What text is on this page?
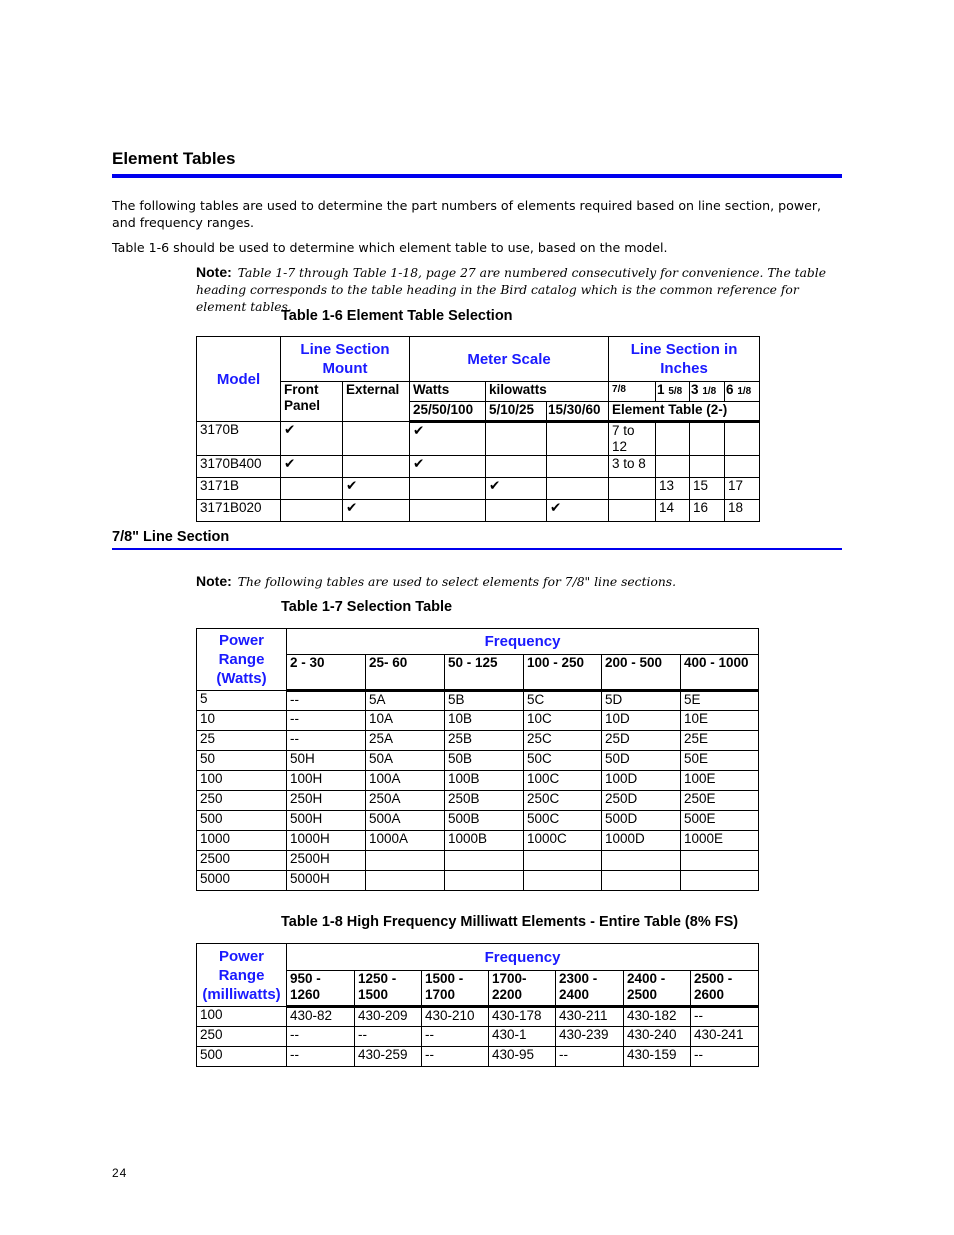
Element Tables
The following tables are used to determine the part numbers of elements required based on line section, power, and frequency ranges.
Table 1-6 should be used to determine which element table to use, based on the model.
Note: Table 1-7 through Table 1-18, page 27 are numbered consecutively for convenience. The table heading corresponds to the table heading in the Bird catalog which is the common reference for element tables.
Table 1-6 Element Table Selection
Model	Line Section Mount		Meter Scale			Line Section in Inches			
	Front Panel	External	Watts	kilowatts		7/8	1 5/8	3 1/8	6 1/8
			25/50/100	5/10/25	15/30/60	Element Table (2-)			
3170B	✔		✔			7 to 12			
3170B400	✔		✔			3 to 8			
3171B		✔		✔			13	15	17
3171B020		✔			✔		14	16	18
7/8" Line Section
Note: The following tables are used to select elements for 7/8" line sections.
Table 1-7 Selection Table
Power Range (Watts)	Frequency					
	2 - 30	25- 60	50 - 125	100 - 250	200 - 500	400 - 1000
5	--	5A	5B	5C	5D	5E
10	--	10A	10B	10C	10D	10E
25	--	25A	25B	25C	25D	25E
50	50H	50A	50B	50C	50D	50E
100	100H	100A	100B	100C	100D	100E
250	250H	250A	250B	250C	250D	250E
500	500H	500A	500B	500C	500D	500E
1000	1000H	1000A	1000B	1000C	1000D	1000E
2500	2500H					
5000	5000H					
Table 1-8 High Frequency Milliwatt Elements - Entire Table (8% FS)
Power Range (milliwatts)	Frequency						
	950 - 1260	1250 - 1500	1500 - 1700	1700- 2200	2300 - 2400	2400 - 2500	2500 - 2600
100	430-82	430-209	430-210	430-178	430-211	430-182	--
250	--	--	--	430-1	430-239	430-240	430-241
500	--	430-259	--	430-95	--	430-159	--
24
